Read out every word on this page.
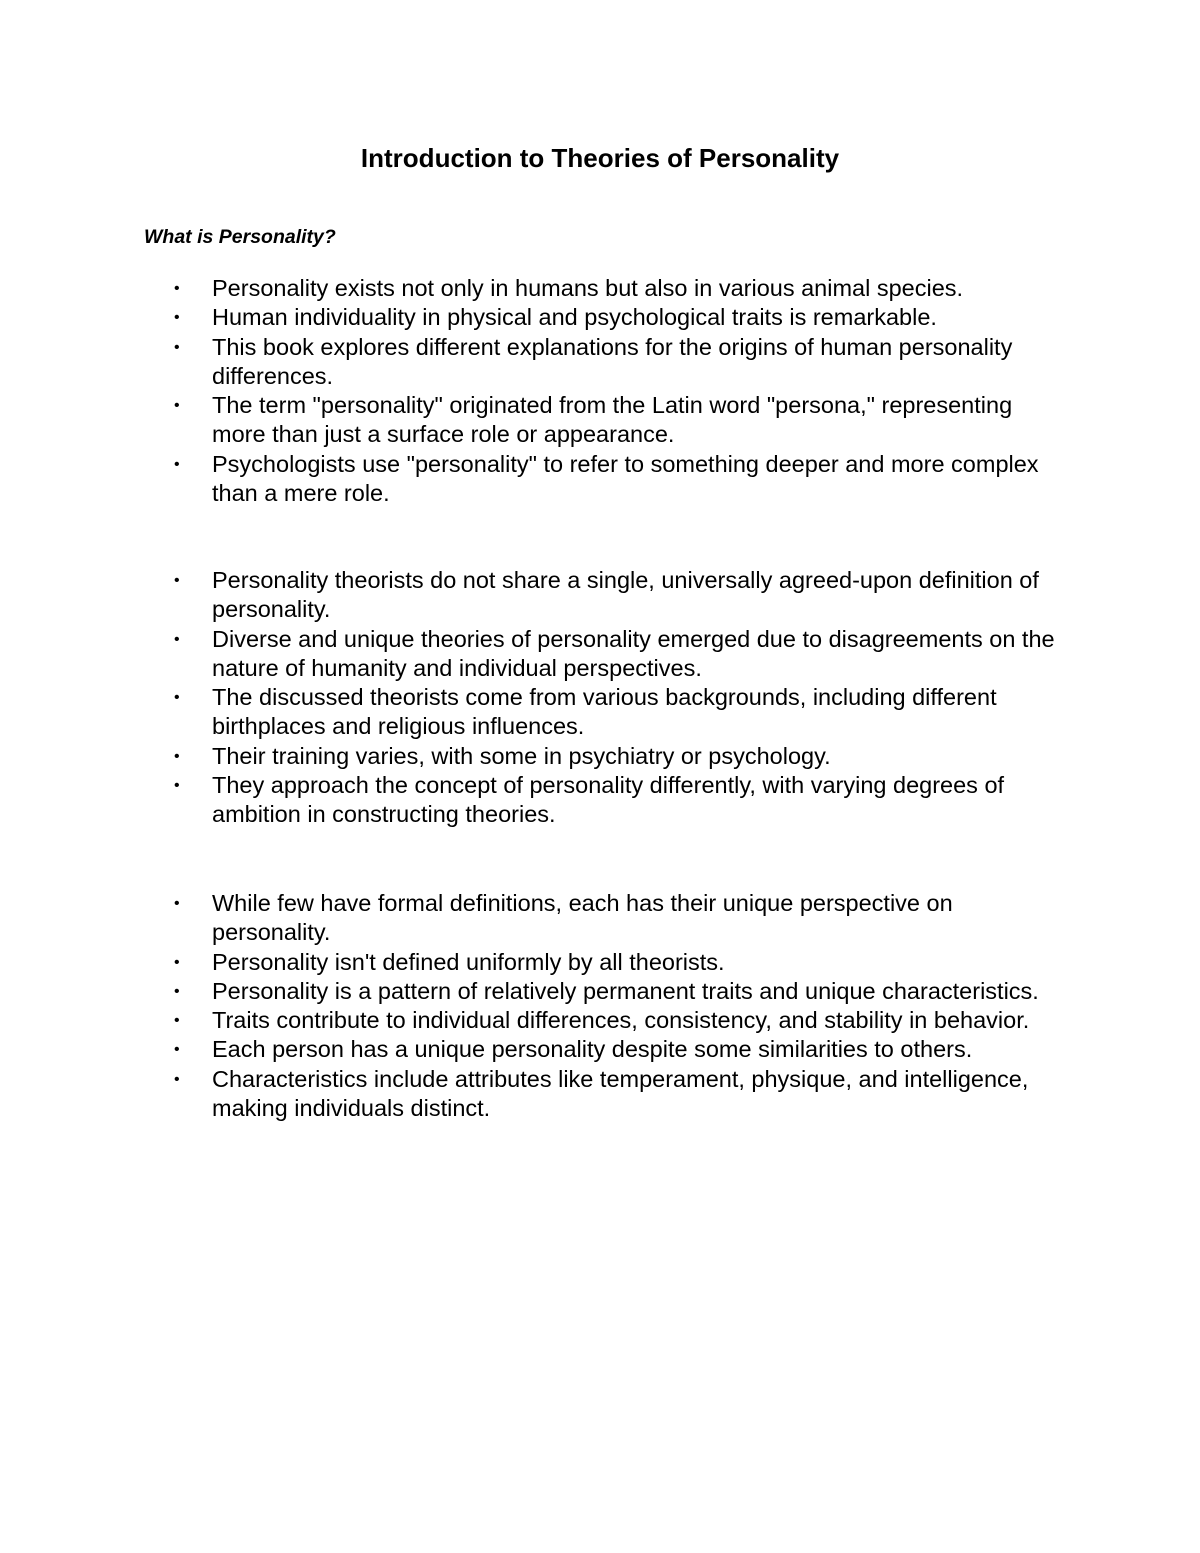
Introduction to Theories of Personality

What is Personality?

• Personality exists not only in humans but also in various animal species.
• Human individuality in physical and psychological traits is remarkable.
• This book explores different explanations for the origins of human personality differences.
• The term "personality" originated from the Latin word "persona," representing more than just a surface role or appearance.
• Psychologists use "personality" to refer to something deeper and more complex than a mere role.
• Personality theorists do not share a single, universally agreed-upon definition of personality.
• Diverse and unique theories of personality emerged due to disagreements on the nature of humanity and individual perspectives.
• The discussed theorists come from various backgrounds, including different birthplaces and religious influences.
• Their training varies, with some in psychiatry or psychology.
• They approach the concept of personality differently, with varying degrees of ambition in constructing theories.
• While few have formal definitions, each has their unique perspective on personality.
• Personality isn't defined uniformly by all theorists.
• Personality is a pattern of relatively permanent traits and unique characteristics.
• Traits contribute to individual differences, consistency, and stability in behavior.
• Each person has a unique personality despite some similarities to others.
• Characteristics include attributes like temperament, physique, and intelligence, making individuals distinct.
